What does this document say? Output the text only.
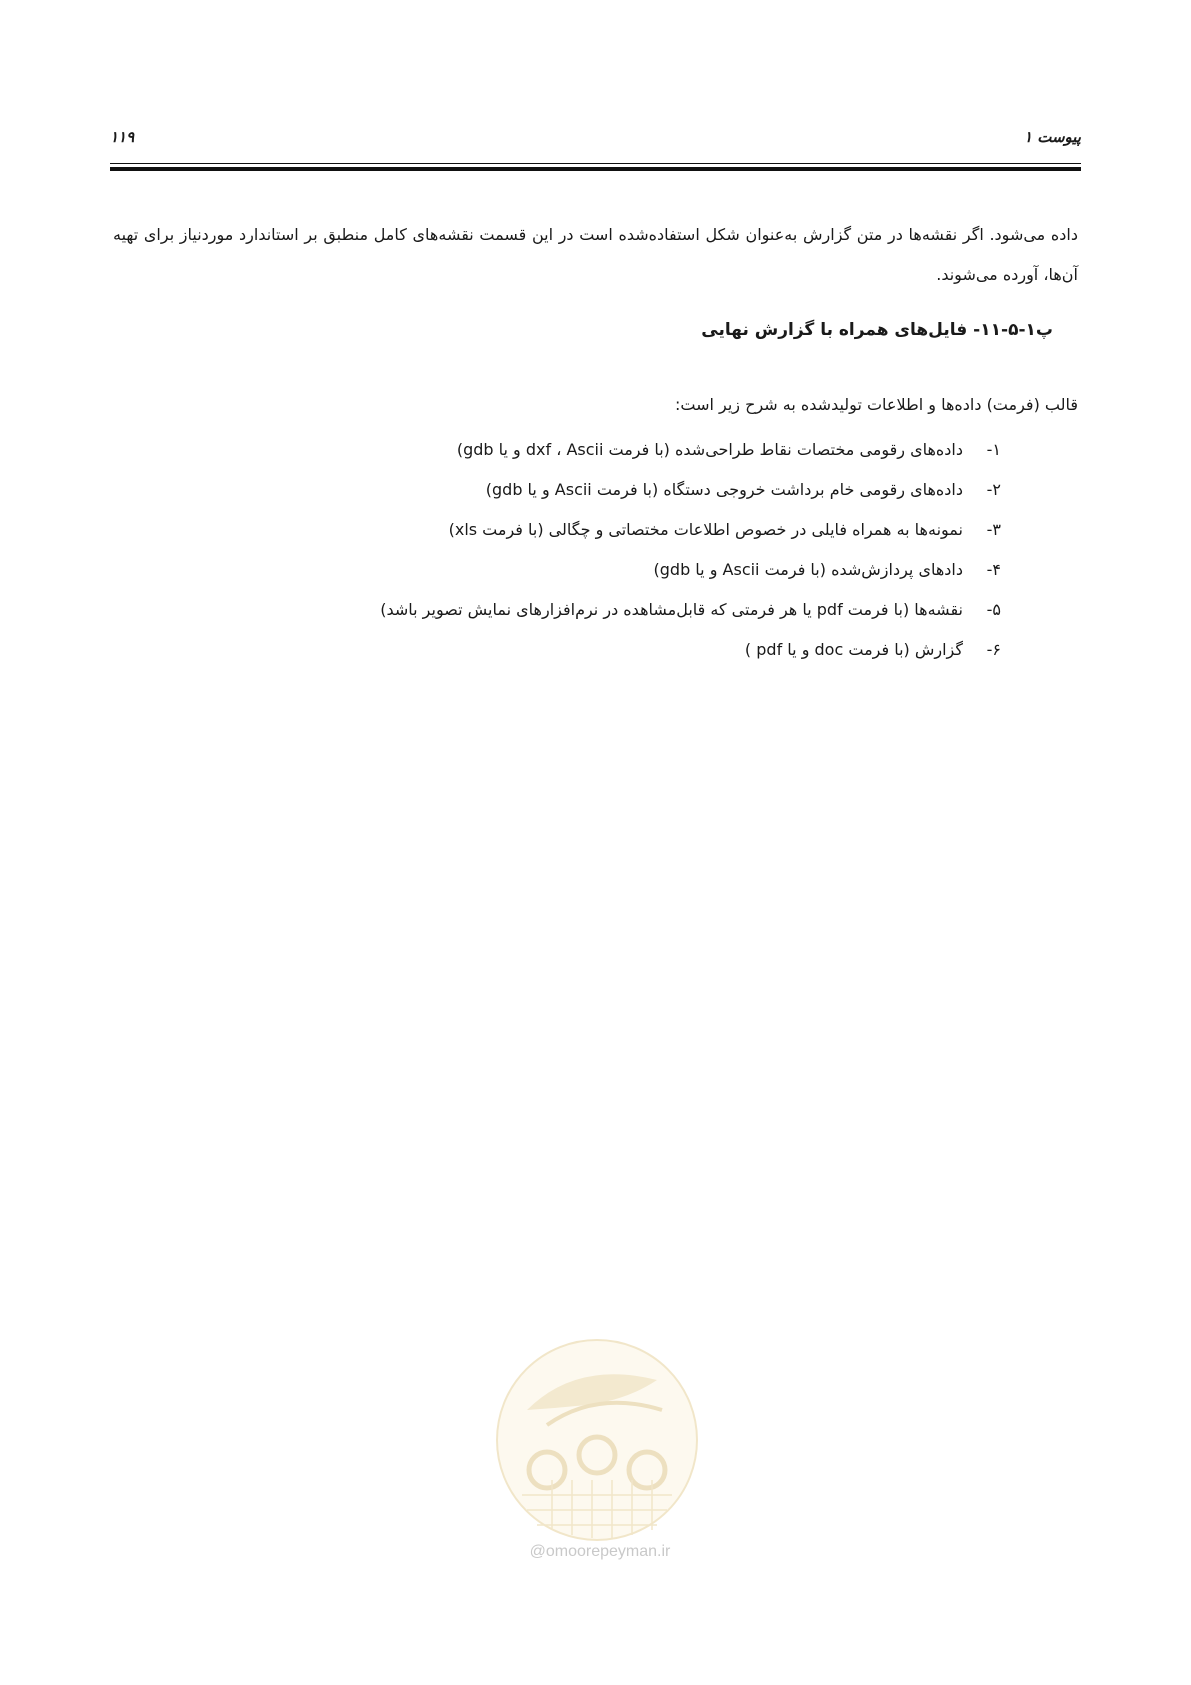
۱۱۹	پیوست ۱

داده می‌شود. اگر نقشه‌ها در متن گزارش به‌عنوان شکل استفاده‌شده است در این قسمت نقشه‌های کامل منطبق بر استاندارد موردنیاز برای تهیه آن‌ها، آورده می‌شوند.

پ۱-۵-۱۱- فایل‌های همراه با گزارش نهایی
قالب (فرمت) داده‌ها و اطلاعات تولیدشده به شرح زیر است:
۱-داده‌های رقومی مختصات نقاط طراحی‌شده (با فرمت dxf ، Ascii و یا gdb)
۲-داده‌های رقومی خام برداشت خروجی دستگاه (با فرمت Ascii و یا gdb)
۳-نمونه‌ها به همراه فایلی در خصوص اطلاعات مختصاتی و چگالی (با فرمت xls)
۴-دادهای پردازش‌شده (با فرمت Ascii و یا gdb)
۵-نقشه‌ها (با فرمت pdf یا هر فرمتی که قابل‌مشاهده در نرم‌افزارهای نمایش تصویر باشد)
۶-گزارش (با فرمت doc و یا pdf )
@omoorepeyman.ir
